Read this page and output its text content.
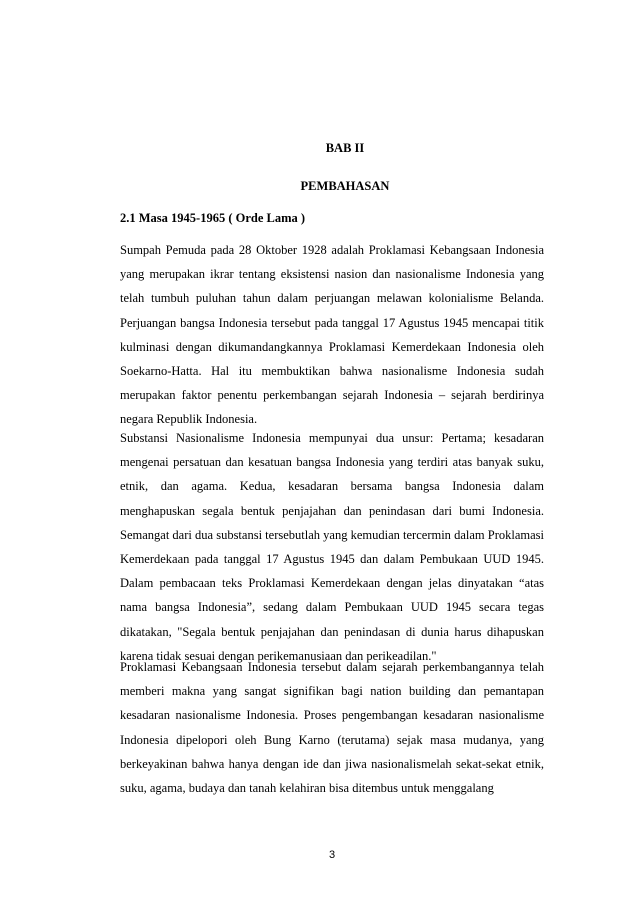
BAB II
PEMBAHASAN
2.1 Masa 1945-1965 ( Orde Lama )

Sumpah Pemuda pada 28 Oktober 1928 adalah Proklamasi Kebangsaan Indonesia yang merupakan ikrar tentang eksistensi nasion dan nasionalisme Indonesia yang telah tumbuh puluhan tahun dalam perjuangan melawan kolonialisme Belanda. Perjuangan bangsa Indonesia tersebut pada tanggal 17 Agustus 1945 mencapai titik kulminasi dengan dikumandangkannya Proklamasi Kemerdekaan Indonesia oleh Soekarno-Hatta. Hal itu membuktikan bahwa nasionalisme Indonesia sudah merupakan faktor penentu perkembangan sejarah Indonesia – sejarah berdirinya negara Republik Indonesia.

Substansi Nasionalisme Indonesia mempunyai dua unsur: Pertama; kesadaran mengenai persatuan dan kesatuan bangsa Indonesia yang terdiri atas banyak suku, etnik, dan agama. Kedua, kesadaran bersama bangsa Indonesia dalam menghapuskan segala bentuk penjajahan dan penindasan dari bumi Indonesia. Semangat dari dua substansi tersebutlah yang kemudian tercermin dalam Proklamasi Kemerdekaan pada tanggal 17 Agustus 1945 dan dalam Pembukaan UUD 1945. Dalam pembacaan teks Proklamasi Kemerdekaan dengan jelas dinyatakan “atas nama bangsa Indonesia”, sedang dalam Pembukaan UUD 1945 secara tegas dikatakan, "Segala bentuk penjajahan dan penindasan di dunia harus dihapuskan karena tidak sesuai dengan perikemanusiaan dan perikeadilan."

Proklamasi Kebangsaan Indonesia tersebut dalam sejarah perkembangannya telah memberi makna yang sangat signifikan bagi nation building dan pemantapan kesadaran nasionalisme Indonesia. Proses pengembangan kesadaran nasionalisme Indonesia dipelopori oleh Bung Karno (terutama) sejak masa mudanya, yang berkeyakinan bahwa hanya dengan ide dan jiwa nasionalismelah sekat-sekat etnik, suku, agama, budaya dan tanah kelahiran bisa ditembus untuk menggalang

3
